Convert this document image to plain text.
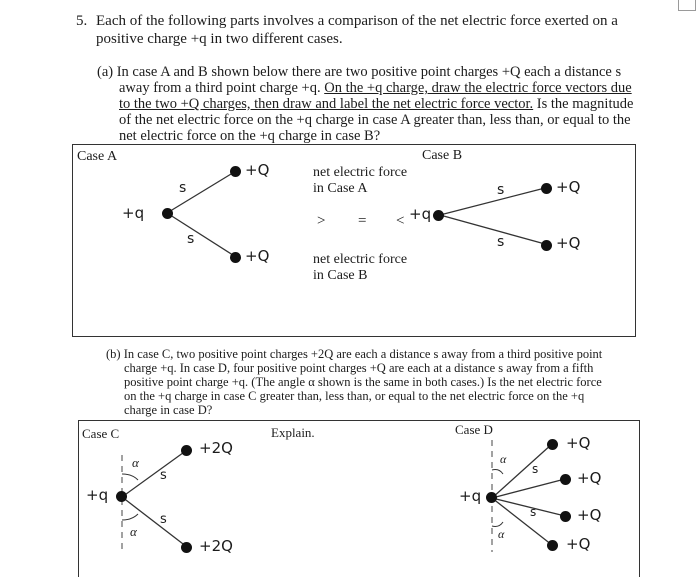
5. Each of the following parts involves a comparison of the net electric force exerted on a
positive charge +q in two different cases.
(a) In case A and B shown below there are two positive point charges +Q each a distance s
away from a third point charge +q. On the +q charge, draw the electric force vectors due
to the two +Q charges, then draw and label the net electric force vector. Is the magnitude
of the net electric force on the +q charge in case A greater than, less than, or equal to the
net electric force on the +q charge in case B?
Case A	Case B
+q
+Q
+Q
s
s
net electric force
in Case A
> = <
net electric force
in Case B
+q
+Q
+Q
s
s
(b) In case C, two positive point charges +2Q are each a distance s away from a third positive point
charge +q. In case D, four positive point charges +Q are each at a distance s away from a fifth
positive point charge +q. (The angle α shown is the same in both cases.) Is the net electric force
on the +q charge in case C greater than, less than, or equal to the net electric force on the +q
charge in case D?
Case C	Explain.	Case D
+q
+2Q
+2Q
s
s
α
α
+q
+Q
+Q
+Q
+Q
s
s
α
α
